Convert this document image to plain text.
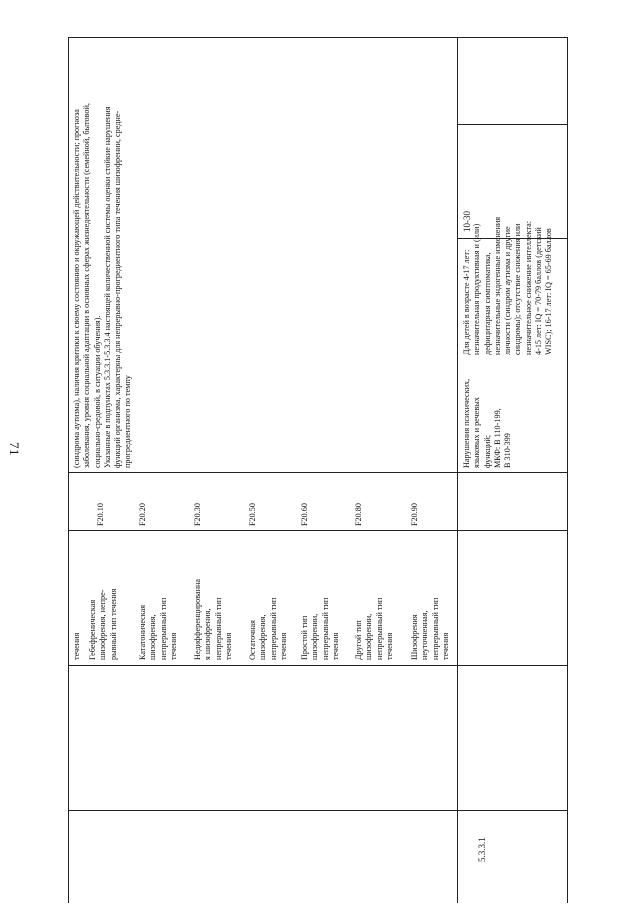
71
течения Гебефреническая
шизофрения, непре-
рывный тип течения
F20.10
Кататоническая
шизофрения,
непрерывный тип
течения
F20.20
Недифференцированна
я шизофрения,
непрерывный тип
течения
F20.30
Остаточная
шизофрения,
непрерывный тип
течения
F20.50
Простой тип
шизофрении,
непрерывный тип
течения
F20.60
Другой тип
шизофрении,
непрерывный тип
течения
F20.80
Шизофрения
неуточненная,
непрерывный тип
течения
F20.90
(синдрома аутизма), наличия критики к своему состоянию и окружающей действительности; прогноза
заболевания, уровня социальной адаптации в основных сферах жизнедеятельности (семейной, бытовой,
социально-средовой, в ситуации обучения).
Указанные в подпунктах 5.3.3.1-5.3.3.4 настоящей количественной системы оценки стойкие нарушения
функций организма, характерны для непрерывно-прогредиентного типа течения шизофрении, средне-
прогредиентного по темпу
5.3.3.1
Нарушения психических,
языковых и речевых
функций;
МКФ: В 110-199,
В 310-399
Для детей в возрасте 4-17 лет:
незначительная продуктивная и (или)
дефицитарная симптоматика,
незначительные эндогенные изменения
личности (синдром аутизма и другие
синдромы); отсутствие снижения или
незначительное снижение интеллекта:
4-15 лет: IQ = 70-79 баллов (детский
WISC); 16-17 лет: IQ = 65-69 баллов
10-30
